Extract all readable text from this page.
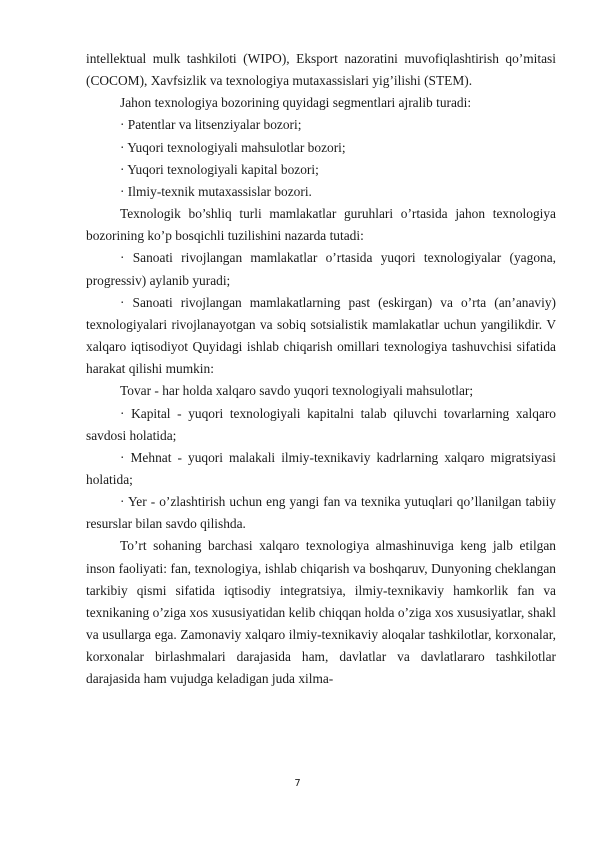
intellektual mulk tashkiloti (WIPO), Eksport nazoratini muvofiqlashtirish qo’mitasi (COCOM), Xavfsizlik va texnologiya mutaxassislari yig’ilishi (STEM).

Jahon texnologiya bozorining quyidagi segmentlari ajralib turadi:

· Patentlar va litsenziyalar bozori;

· Yuqori texnologiyali mahsulotlar bozori;

· Yuqori texnologiyali kapital bozori;

· Ilmiy-texnik mutaxassislar bozori.

Texnologik bo’shliq turli mamlakatlar guruhlari o’rtasida jahon texnologiya bozorining ko’p bosqichli tuzilishini nazarda tutadi:

· Sanoati rivojlangan mamlakatlar o’rtasida yuqori texnologiyalar (yagona, progressiv) aylanib yuradi;

· Sanoati rivojlangan mamlakatlarning past (eskirgan) va o’rta (an’anaviy) texnologiyalari rivojlanayotgan va sobiq sotsialistik mamlakatlar uchun yangilikdir. V xalqaro iqtisodiyot Quyidagi ishlab chiqarish omillari texnologiya tashuvchisi sifatida harakat qilishi mumkin:

Tovar - har holda xalqaro savdo yuqori texnologiyali mahsulotlar;

· Kapital - yuqori texnologiyali kapitalni talab qiluvchi tovarlarning xalqaro savdosi holatida;

· Mehnat - yuqori malakali ilmiy-texnikaviy kadrlarning xalqaro migratsiyasi holatida;

· Yer - o’zlashtirish uchun eng yangi fan va texnika yutuqlari qo’llanilgan tabiiy resurslar bilan savdo qilishda.

To’rt sohaning barchasi xalqaro texnologiya almashinuviga keng jalb etilgan inson faoliyati: fan, texnologiya, ishlab chiqarish va boshqaruv, Dunyoning cheklangan tarkibiy qismi sifatida iqtisodiy integratsiya, ilmiy-texnikaviy hamkorlik fan va texnikaning o’ziga xos xususiyatidan kelib chiqqan holda o’ziga xos xususiyatlar, shakl va usullarga ega. Zamonaviy xalqaro ilmiy-texnikaviy aloqalar tashkilotlar, korxonalar, korxonalar birlashmalari darajasida ham, davlatlar va davlatlararo tashkilotlar darajasida ham vujudga keladigan juda xilma-

7
